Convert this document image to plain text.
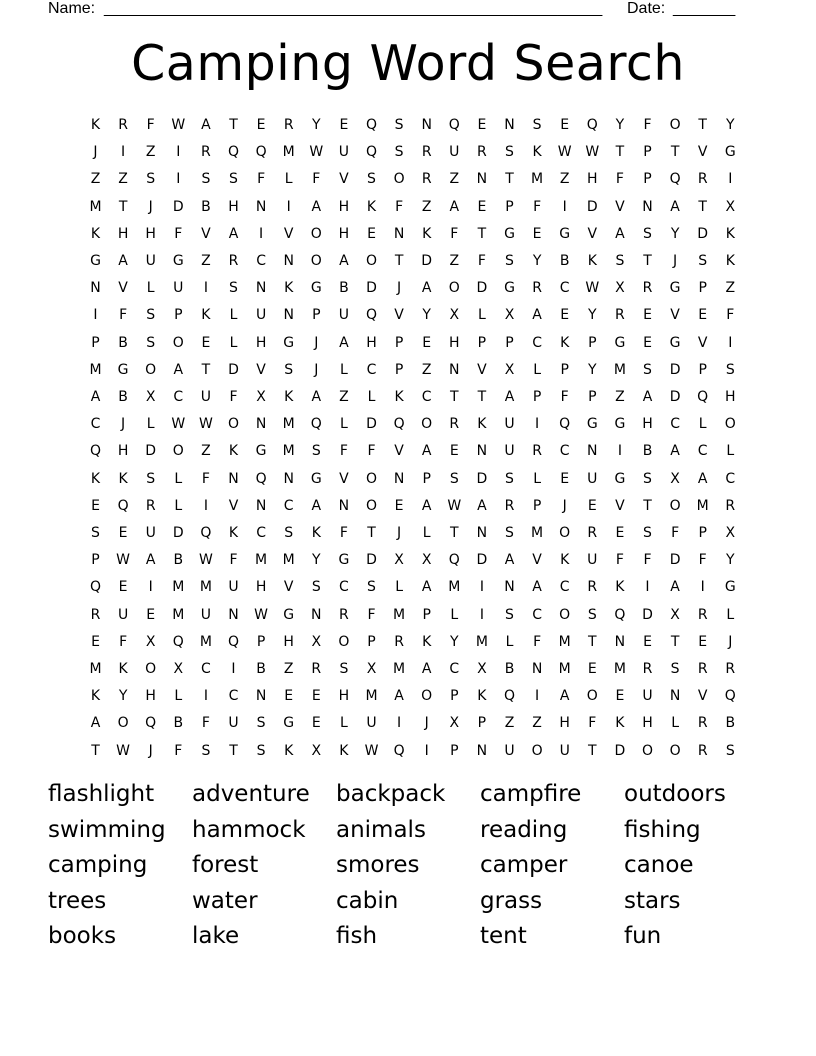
Name: ________________________________________________________ Date: _______
Camping Word Search
K	R	F	W	A	T	E	R	Y	E	Q	S	N	Q	E	N	S	E	Q	Y	F	O	T	Y
J	I	Z	I	R	Q	Q	M	W	U	Q	S	R	U	R	S	K	W W	T	P	T	V	G
Z	Z	S	I	S	S	F	L	F	V	S	O	R	Z	N	T	M	Z	H	F	P	Q	R	I
M	T	J	D	B	H	N	I	A	H	K	F	Z	A	E	P	F	I	D	V	N	A	T	X
K	H	H	F	V	A	I	V	O	H	E	N	K	F	T	G	E	G	V	A	S	Y	D	K
G	A	U	G	Z	R	C	N	O	A	O	T	D	Z	F	S	Y	B	K	S	T	J	S	K
N	V	L	U	I	S	N	K	G	B	D	J	A	O	D	G	R	C	W	X	R	G	P	Z
I	F	S	P	K	L	U	N	P	U	Q	V	Y	X	L	X	A	E	Y	R	E	V	E	F
P	B	S	O	E	L	H	G	J	A	H	P	E	H	P	P	C	K	P	G	E	G	V	I
M	G	O	A	T	D	V	S	J	L	C	P	Z	N	V	X	L	P	Y	M	S	D	P	S
A	B	X	C	U	F	X	K	A	Z	L	K	C	T	T	A	P	F	P	Z	A	D	Q	H
C	J	L	W W	O	N	M	Q	L	D	Q	O	R	K	U	I	Q	G	G	H	C	L	O
Q	H	D	O	Z	K	G	M	S	F	F	V	A	E	N	U	R	C	N	I	B	A	C	L
K	K	S	L	F	N	Q	N	G	V	O	N	P	S	D	S	L	E	U	G	S	X	A	C
E	Q	R	L	I	V	N	C	A	N	O	E	A	W	A	R	P	J	E	V	T	O	M	R
S	E	U	D	Q	K	C	S	K	F	T	J	L	T	N	S	M	O	R	E	S	F	P	X
P	W	A	B	W	F	M	M	Y	G	D	X	X	Q	D	A	V	K	U	F	F	D	F	Y
Q	E	I	M	M	U	H	V	S	C	S	L	A	M	I	N	A	C	R	K	I	A	I	G
R	U	E	M	U	N	W	G	N	R	F	M	P	L	I	S	C	O	S	Q	D	X	R	L
E	F	X	Q	M	Q	P	H	X	O	P	R	K	Y	M	L	F	M	T	N	E	T	E	J
M	K	O	X	C	I	B	Z	R	S	X	M	A	C	X	B	N	M	E	M	R	S	R	R
K	Y	H	L	I	C	N	E	E	H	M	A	O	P	K	Q	I	A	O	E	U	N	V	Q
A	O	Q	B	F	U	S	G	E	L	U	I	J	X	P	Z	Z	H	F	K	H	L	R	B
T	W	J	F	S	T	S	K	X	K	W	Q	I	P	N	U	O	U	T	D	O	O	R	S
flashlight adventure backpack campfire outdoors
swimming hammock animals reading fishing
camping forest	smores	camper canoe
trees	water	cabin	grass	stars
books	lake	fish	tent	fun
